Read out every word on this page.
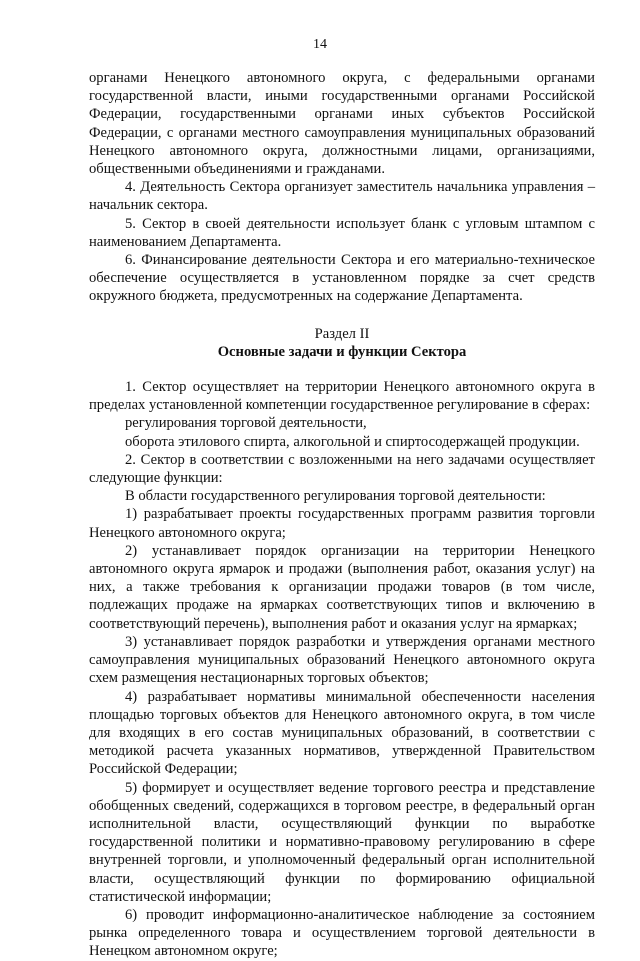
14

органами Ненецкого автономного округа, с федеральными органами государственной власти, иными государственными органами Российской Федерации, государственными органами иных субъектов Российской Федерации, с органами местного самоуправления муниципальных образований Ненецкого автономного округа, должностными лицами, организациями, общественными объединениями и гражданами.

4. Деятельность Сектора организует заместитель начальника управления – начальник сектора.

5. Сектор в своей деятельности использует бланк с угловым штампом с наименованием Департамента.

6. Финансирование деятельности Сектора и его материально-техническое обеспечение осуществляется в установленном порядке за счет средств окружного бюджета, предусмотренных на содержание Департамента.

Раздел II
Основные задачи и функции Сектора

1. Сектор осуществляет на территории Ненецкого автономного округа в пределах установленной компетенции государственное регулирование в сферах:

регулирования торговой деятельности,

оборота этилового спирта, алкогольной и спиртосодержащей продукции.

2. Сектор в соответствии с возложенными на него задачами осуществляет следующие функции:

В области государственного регулирования торговой деятельности:

1) разрабатывает проекты государственных программ развития торговли Ненецкого автономного округа;

2) устанавливает порядок организации на территории Ненецкого автономного округа ярмарок и продажи (выполнения работ, оказания услуг) на них, а также требования к организации продажи товаров (в том числе, подлежащих продаже на ярмарках соответствующих типов и включению в соответствующий перечень), выполнения работ и оказания услуг на ярмарках;

3) устанавливает порядок разработки и утверждения органами местного самоуправления муниципальных образований Ненецкого автономного округа схем размещения нестационарных торговых объектов;

4) разрабатывает нормативы минимальной обеспеченности населения площадью торговых объектов для Ненецкого автономного округа, в том числе для входящих в его состав муниципальных образований, в соответствии с методикой расчета указанных нормативов, утвержденной Правительством Российской Федерации;

5) формирует и осуществляет ведение торгового реестра и представление обобщенных сведений, содержащихся в торговом реестре, в федеральный орган исполнительной власти, осуществляющий функции по выработке государственной политики и нормативно-правовому регулированию в сфере внутренней торговли, и уполномоченный федеральный орган исполнительной власти, осуществляющий функции по формированию официальной статистической информации;

6) проводит информационно-аналитическое наблюдение за состоянием рынка определенного товара и осуществлением торговой деятельности в Ненецком автономном округе;
